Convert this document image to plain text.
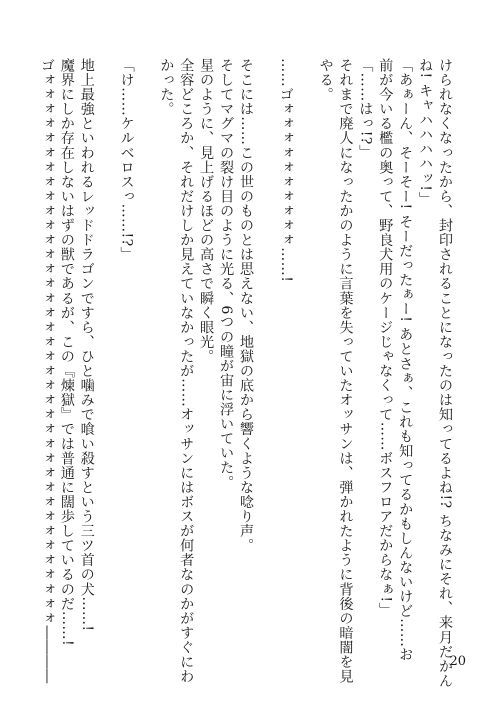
けられなくなったから、封印されることになったのは知ってるよね!? ちなみにそれ、来月だかん
ね! キャハハハハッ!」
「あぁーん、そーそー! そーだったぁー! あとさぁ、これも知ってるかもしんないけど……お
前が今いる檻の奥って、野良犬用のケージじゃなくって……ボスフロアだからなぁ!」
「……はっ!?」
それまで廃人になったかのように言葉を失っていたオッサンは、弾かれたように背後の暗闇を見
やる。
……ゴォォォォォォォォォォ……!
そこには……この世のものとは思えない、地獄の底から響くような唸り声。
そしてマグマの裂け目のように光る、6つの瞳が宙に浮いていた。
星のように、見上げるほどの高さで瞬く眼光。
全容どころか、それだけしか見えていなかったが……オッサンにはボスが何者なのかがすぐにわ
かった。
「け……ケルベロスっ……!?」
地上最強といわれるレッドドラゴンですら、ひと噛みで喰い殺すという三ツ首の犬……!
魔界にしか存在しないはずの獣であるが、この『煉獄』では普通に闊歩しているのだ……!
ゴォォォォォォォォォォォォォォォォォォォォォォォォォォォォォォォォォォォォォォ――――	20
